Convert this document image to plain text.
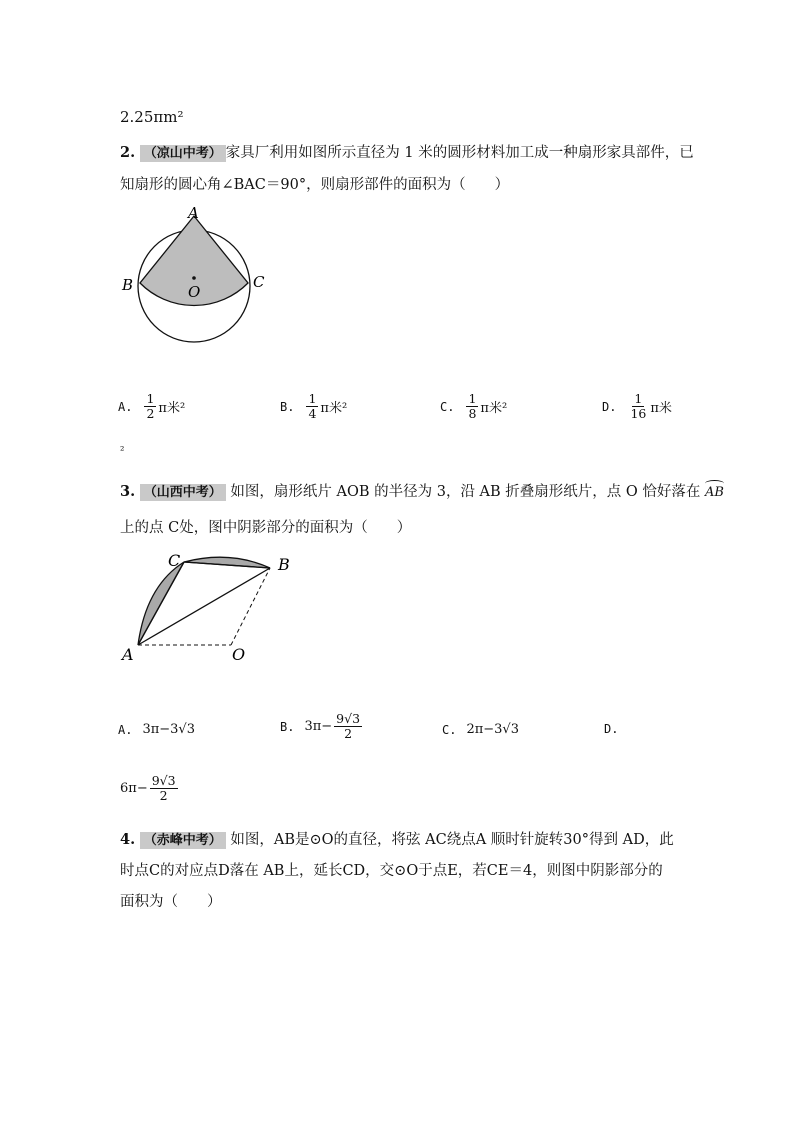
2.25πm²
2. （凉山中考） 家具厂利用如图所示直径为 1 米的圆形材料加工成一种扇形家具部件，已
知扇形的圆心角∠BAC＝90°，则扇形部件的面积为（　　）
A
B	C
O
A. $\frac{1}{2}$ π米²	B. $\frac{1}{4}$ π米²	C. $\frac{1}{8}$ π米²	D. $\frac{1}{16}$ π米
²
3. （山西中考） 如图，扇形纸片 AOB 的半径为 3，沿 AB 折叠扇形纸片，点 O 恰好落在 AB
上的点 C处，图中阴影部分的面积为（　　）
A
B
C
O
A. 3π−3√3	B. $3\pi- \frac{9√3}{2}$	C. 2π−3√3	D.
$6\pi- \frac{9√3}{2}$
4. （赤峰中考） 如图，AB是⊙O的直径，将弦 AC绕点A 顺时针旋转30°得到 AD，此
时点C的对应点D落在 AB上，延长CD，交⊙O于点E，若CE＝4，则图中阴影部分的
面积为（　　）
